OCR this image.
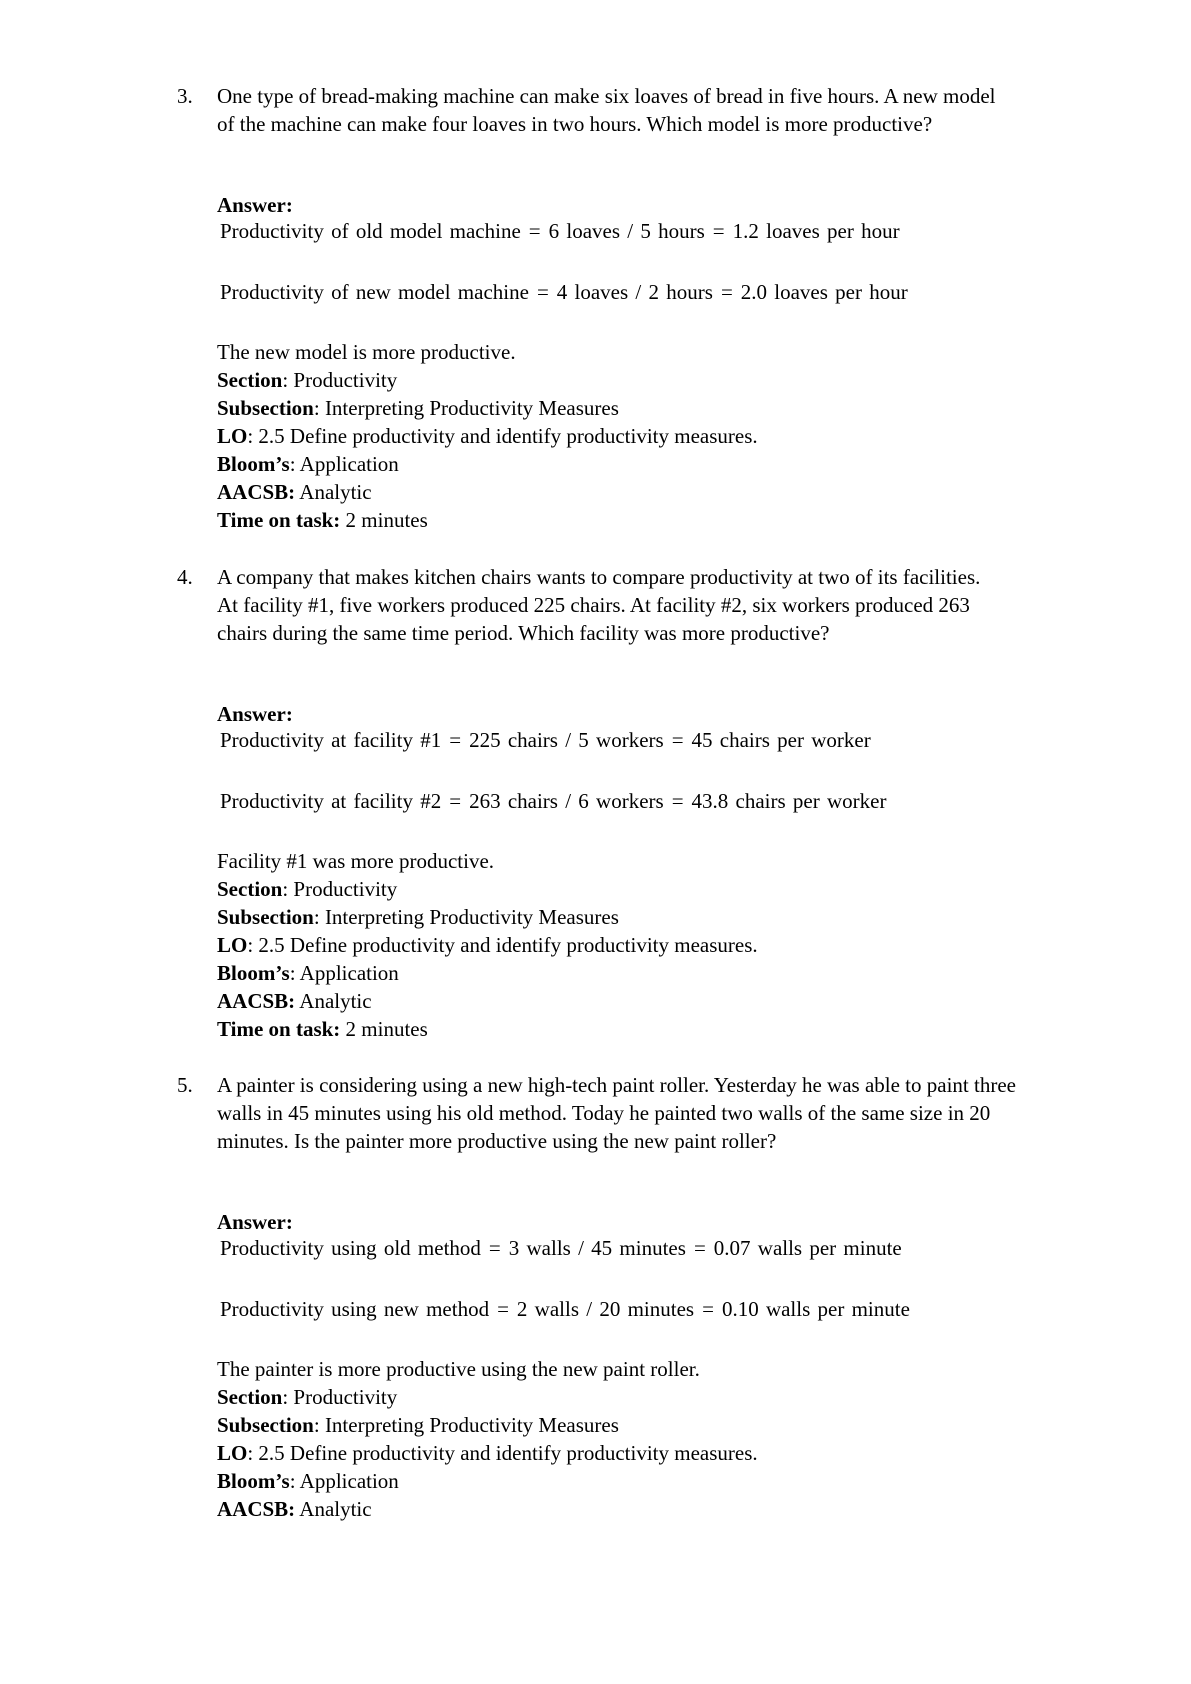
3. One type of bread-making machine can make six loaves of bread in five hours. A new model of the machine can make four loaves in two hours. Which model is more productive?

Answer:
Productivity of old model machine = 6 loaves / 5 hours = 1.2 loaves per hour
Productivity of new model machine = 4 loaves / 2 hours = 2.0 loaves per hour
The new model is more productive.
Section: Productivity
Subsection: Interpreting Productivity Measures
LO: 2.5 Define productivity and identify productivity measures.
Bloom’s: Application
AACSB: Analytic
Time on task: 2 minutes
4. A company that makes kitchen chairs wants to compare productivity at two of its facilities. At facility #1, five workers produced 225 chairs. At facility #2, six workers produced 263 chairs during the same time period. Which facility was more productive?

Answer:
Productivity at facility #1 = 225 chairs / 5 workers = 45 chairs per worker
Productivity at facility #2 = 263 chairs / 6 workers = 43.8 chairs per worker
Facility #1 was more productive.
Section: Productivity
Subsection: Interpreting Productivity Measures
LO: 2.5 Define productivity and identify productivity measures.
Bloom’s: Application
AACSB: Analytic
Time on task: 2 minutes
5. A painter is considering using a new high-tech paint roller. Yesterday he was able to paint three walls in 45 minutes using his old method. Today he painted two walls of the same size in 20 minutes. Is the painter more productive using the new paint roller?

Answer:
Productivity using old method = 3 walls / 45 minutes = 0.07 walls per minute
Productivity using new method = 2 walls / 20 minutes = 0.10 walls per minute
The painter is more productive using the new paint roller.
Section: Productivity
Subsection: Interpreting Productivity Measures
LO: 2.5 Define productivity and identify productivity measures.
Bloom’s: Application
AACSB: Analytic
